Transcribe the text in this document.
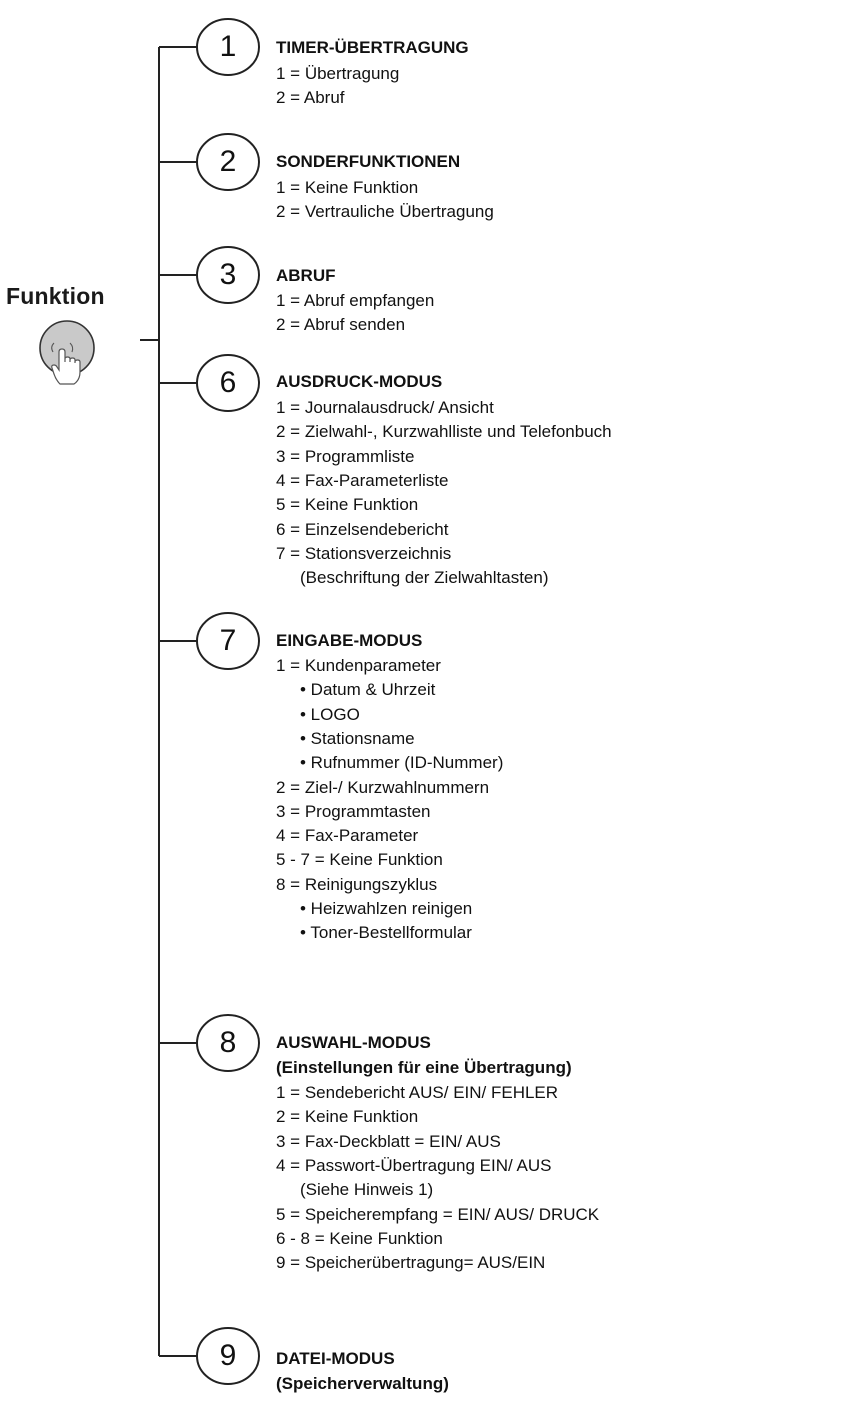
Funktion
1	TIMER-ÜBERTRAGUNG
1 = Übertragung
2 = Abruf
2	SONDERFUNKTIONEN
1 = Keine Funktion
2 = Vertrauliche Übertragung
3	ABRUF
1 = Abruf empfangen
2 = Abruf senden
6	AUSDRUCK-MODUS
1 = Journalausdruck/ Ansicht
2 = Zielwahl-, Kurzwahlliste und Telefonbuch
3 = Programmliste
4 = Fax-Parameterliste
5 = Keine Funktion
6 = Einzelsendebericht
7 = Stationsverzeichnis
(Beschriftung der Zielwahltasten)
7	EINGABE-MODUS
1 = Kundenparameter
• Datum & Uhrzeit
• LOGO
• Stationsname
• Rufnummer (ID-Nummer)
2 = Ziel-/ Kurzwahlnummern
3 = Programmtasten
4 = Fax-Parameter
5 - 7 = Keine Funktion
8 = Reinigungszyklus
• Heizwahlzen reinigen
• Toner-Bestellformular
8	AUSWAHL-MODUS
(Einstellungen für eine Übertragung)
1 = Sendebericht AUS/ EIN/ FEHLER
2 = Keine Funktion
3 = Fax-Deckblatt = EIN/ AUS
4 = Passwort-Übertragung EIN/ AUS
(Siehe Hinweis 1)
5 = Speicherempfang = EIN/ AUS/ DRUCK
6 - 8 = Keine Funktion
9 = Speicherübertragung= AUS/EIN
9	DATEI-MODUS
(Speicherverwaltung)
